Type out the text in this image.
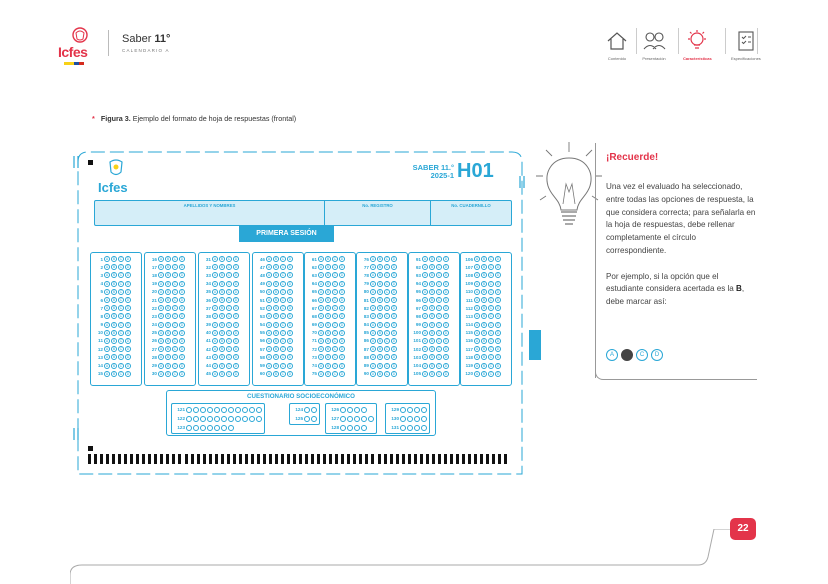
Icfes
Saber 11°
CALENDARIO A
Contenido	Presentación	Características	Especificaciones
* Figura 3. Ejemplo del formato de hoja de respuestas (frontal)
Icfes
SABER 11.°
2025-1 H01
APELLIDOS Y NOMBRES	No. REGISTRO	No. CUADERNILLO
PRIMERA SESIÓN
1 A	B	C	D
2 A	B	C	D
3 A	B	C	D
4 A	B	C	D
5 A	B	C	D
6 A	B	C	D
7 A	B	C	D
8 A	B	C	D
9 A	B	C	D
10 A	B	C	D
11 A	B	C	D
12 A	B	C	D
13 A	B	C	D
14 A	B	C	D
15 A	B	C	D
16 A	B	C	D
17 A	B	C	D
18 A	B	C	D
19 A	B	C	D
20 A	B	C	D
21 A	B	C	D
22 A	B	C	D
23 A	B	C	D
24 A	B	C	D
25 A	B	C	D
26 A	B	C	D
27 A	B	C	D
28 A	B	C	D
29 A	B	C	D
30 A	B	C	D
31 A	B	C	D
32 A	B	C	D
33 A	B	C	D
34 A	B	C	D
35 A	B	C	D
36 A	B	C	D
37 A	B	C	D
38 A	B	C	D
39 A	B	C	D
40 A	B	C	D
41 A	B	C	D
42 A	B	C	D
43 A	B	C	D
44 A	B	C	D
45 A	B	C	D
46 A	B	C	D
47 A	B	C	D
48 A	B	C	D
49 A	B	C	D
50 A	B	C	D
51 A	B	C	D
52 A	B	C	D
53 A	B	C	D
54 A	B	C	D
55 A	B	C	D
56 A	B	C	D
57 A	B	C	D
58 A	B	C	D
59 A	B	C	D
60 A	B	C	D
61 A	B	C	D
62 A	B	C	D
63 A	B	C	D
64 A	B	C	D
65 A	B	C	D
66 A	B	C	D
67 A	B	C	D
68 A	B	C	D
69 A	B	C	D
70 A	B	C	D
71 A	B	C	D
72 A	B	C	D
73 A	B	C	D
74 A	B	C	D
75 A	B	C	D
76 A	B	C	D
77 A	B	C	D
78 A	B	C	D
79 A	B	C	D
80 A	B	C	D
81 A	B	C	D
82 A	B	C	D
83 A	B	C	D
84 A	B	C	D
85 A	B	C	D
86 A	B	C	D
87 A	B	C	D
88 A	B	C	D
89 A	B	C	D
90 A	B	C	D
91 A	B	C	D
92 A	B	C	D
93 A	B	C	D
94 A	B	C	D
95 A	B	C	D
96 A	B	C	D
97 A	B	C	D
98 A	B	C	D
99 A	B	C	D
100 A	B	C	D
101 A	B	C	D
102 A	B	C	D
103 A	B	C	D
104 A	B	C	D
105 A	B	C	D
106 A	B	C	D
107 A	B	C	D
108 A	B	C	D
109 A	B	C	D
110 A	B	C	D
111 A	B	C	D
112 A	B	C	D
113 A	B	C	D
114 A	B	C	D
115 A	B	C	D
116 A	B	C	D
117 A	B	C	D
118 A	B	C	D
119 A	B	C	D
120 A	B	C	D
CUESTIONARIO SOCIOECONÓMICO
121
122
123
124
125
126
127
128
129
130
131
¡Recuerde!

Una vez el evaluado ha seleccionado, entre todas las opciones de respuesta, la que considera correcta; para señalarla en la hoja de respuestas, debe rellenar completamente el círculo correspondiente.

Por ejemplo, si la opción que el estudiante considera acertada es la B, debe marcar así:

A	C	D
22
